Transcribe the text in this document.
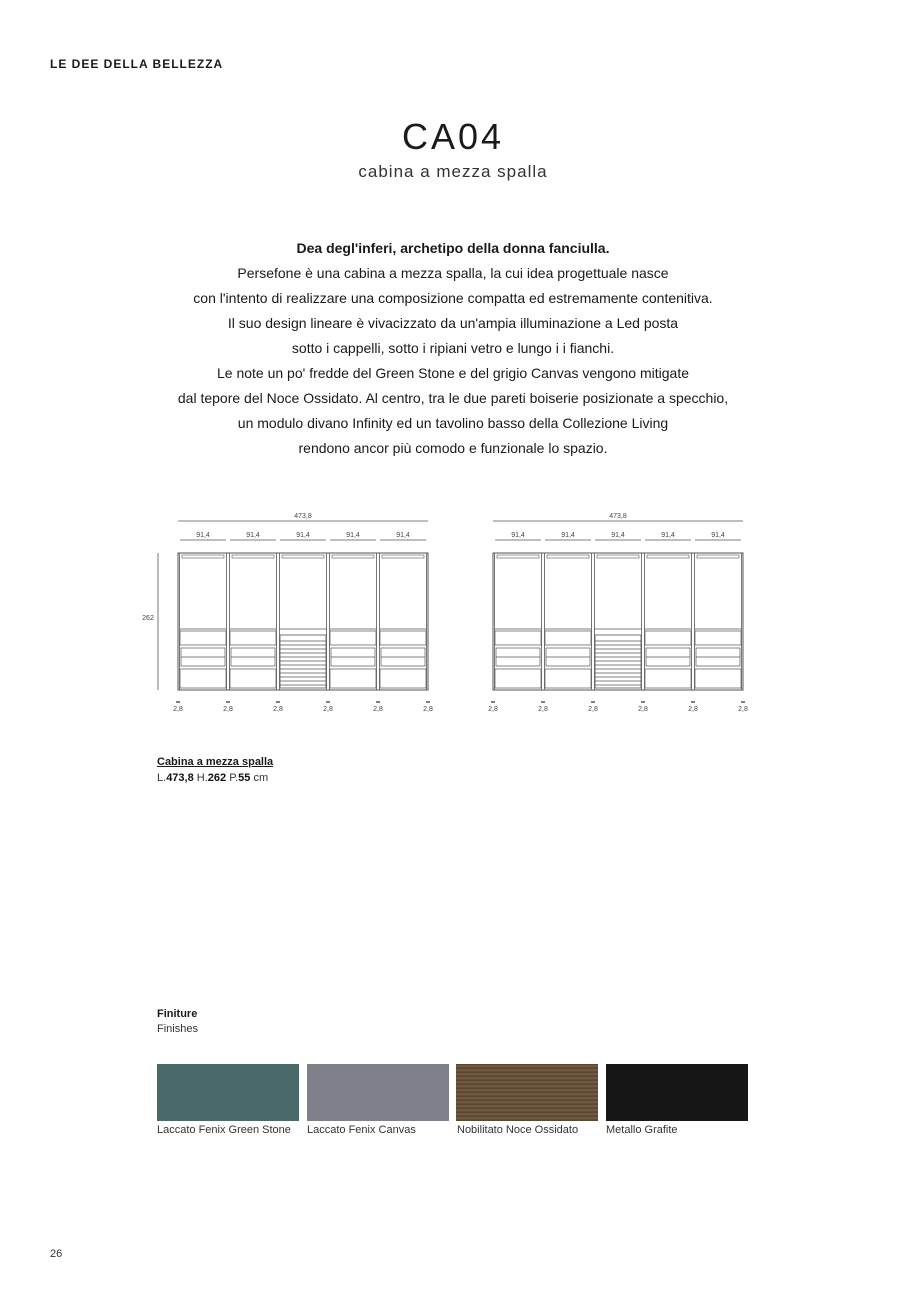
LE DEE DELLA BELLEZZA
CA04
cabina a mezza spalla
Dea degl'inferi, archetipo della donna fanciulla.
Persefone è una cabina a mezza spalla, la cui idea progettuale nasce
con l'intento di realizzare una composizione compatta ed estremamente contenitiva.
Il suo design lineare è vivacizzato da un'ampia illuminazione a Led posta
sotto i cappelli, sotto i ripiani vetro e lungo i i fianchi.
Le note un po' fredde del Green Stone e del grigio Canvas vengono mitigate
dal tepore del Noce Ossidato. Al centro, tra le due pareti boiserie posizionate a specchio,
un modulo divano Infinity ed un tavolino basso della Collezione Living
rendono ancor più comodo e funzionale lo spazio.
473,8
91,4	91,4	91,4	91,4	91,4
2,8	2,8	2,8	2,8	2,8	2,8
262
473,8
91,4	91,4	91,4	91,4	91,4
2,8	2,8	2,8	2,8	2,8	2,8
Cabina a mezza spalla
L.473,8 H.262 P.55 cm
Finiture
Finishes
Laccato Fenix Green Stone Laccato Fenix Canvas	Nobilitato Noce Ossidato	Metallo Grafite
26
